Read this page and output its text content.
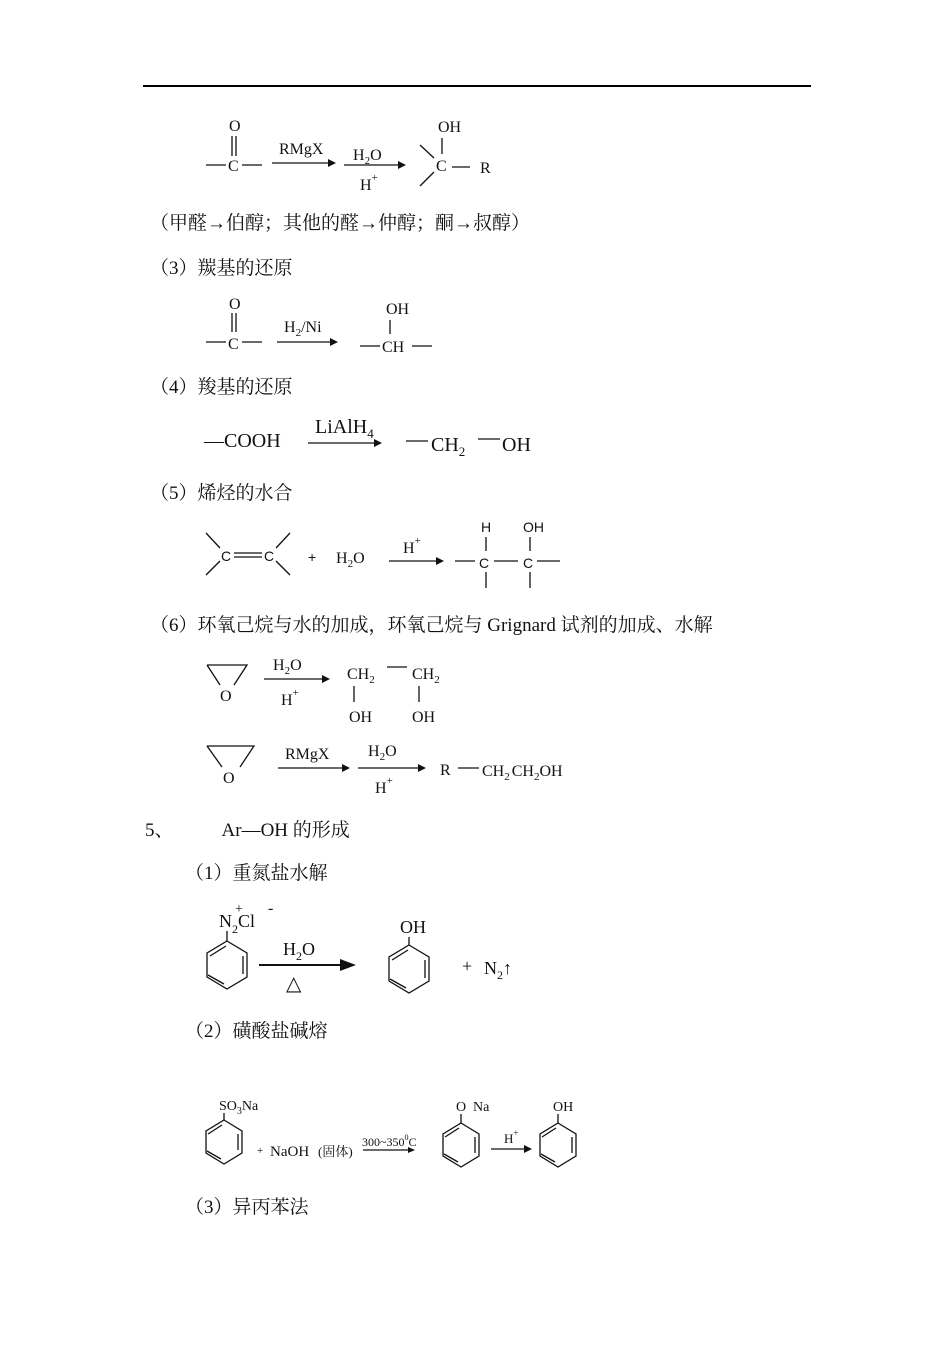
O
C
RMgX $H_2O$
H+
OH
C R
（甲醛→伯醇；其他的醛→仲醇；酮→叔醇）
（3）羰基的还原
O
C
$H_2/Ni$
OH
CH
（4）羧基的还原
—COOH
LiAlH$_4$
$CH_2$ OH
（5）烯烃的水合
C $C + H_2O$
H+
H OH
C C
（6）环氧己烷与水的加成，环氧己烷与 Grignard 试剂的加成、水解
O
$H_2O$
H+
$CH_2$ $CH_2$
OH OH
O
RMgX $H_2O$
H+
R $CH_2$ $CH_2OH$
5、	Ar—OH 的形成
（1）重氮盐水解
$N_2Cl$
+ -
$H_2O$
△
OH
+ $N_2↑$
（2）磺酸盐碱熔
$SO_3Na$
+ NaOH (固体)
$300\sim 350^0C$
O Na
H+
OH
（3）异丙苯法
